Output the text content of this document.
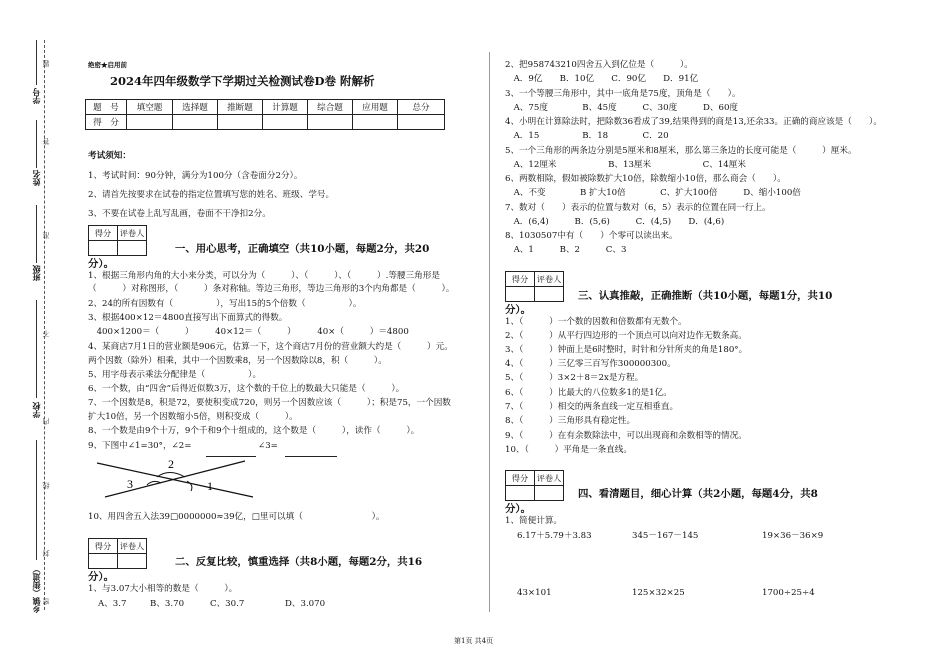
学号
姓名
班级
学校
乡镇（街道）
题
答
准
不
内
线
封
密
绝密★启用前
2024年四年级数学下学期过关检测试卷D卷 附解析
题　号	填空题	选择题	推断题	计算题	综合题	应用题	总分
得　分							
考试须知：
1、考试时间：90分钟，满分为100分（含卷面分2分）。
2、请首先按要求在试卷的指定位置填写您的姓名、班级、学号。
3、不要在试卷上乱写乱画，卷面不干净扣2分。
得分	评卷人

一、用心思考，正确填空（共10小题，每题2分，共20
分）。
1、根据三角形内角的大小来分类，可以分为（　　　）、（　　　）、（　　　）.等腰三角形是
（　　　）对称图形，（　　　）条对称轴。等边三角形，等边三角形的3个内角都是（　　　）。
2、24的所有因数有（　　　　　），写出15的5个倍数（　　　　　）。
3、根据400×12＝4800直接写出下面算式的得数。
　400×1200＝（　　　）　　　40×12＝（　　　）　　　40×（　　　）＝4800
4、某商店7月1日的营业额是906元，估算一下，这个商店7月份的营业额大约是（　　　）元。
两个因数（除外）相乘，其中一个因数乘8，另一个因数除以8，积（　　　）。
5、用字母表示乘法分配律是（　　　　　）。
6、一个数，由“四舍”后得近似数3万，这个数的千位上的数最大只能是（　　　）。
7、一个因数是8，积是72，要使积变成720，则另一个因数应该（　　　）；积是75，一个因数
扩大10倍，另一个因数缩小5倍，则积变成（　　　）。
8、一个数是由9个十万，9个千和9个十组成的，这个数是（　　　），读作（　　　）。
9、下图中∠1=30°，∠2=	∠3=
2
3	1
10、用四舍五入法39□0000000≈39亿，□里可以填（　　　　　　　　）。
得分	评卷人

二、反复比较，慎重选择（共8小题，每题2分，共16
分）。
1、与3.07大小相等的数是（　　　）。
A、3.7	B、3.70	C、30.7	D、3.070
2、把958743210四舍五入到亿位是（　　　）。
　A．9亿　　B．10亿　　C．90亿　　D．91亿
3、一个等腰三角形中，其中一底角是75度，顶角是（　　）。
　A、75度　　　　B、45度　　　C、30度　　　D、60度
4、小明在计算除法时，把除数36看成了39,结果得到的商是13,还余33。正确的商应该是（　　）。
　A．15　　　　　B．18　　　　C．20
5、一个三角形的两条边分别是5厘米和8厘米，那么第三条边的长度可能是（　　　）厘米。
　A、12厘米　　　　　　B、13厘米　　　　　　C、14厘米
6、两数相除，假如被除数扩大10倍，除数缩小10倍，那么商会（　　）。
　A、不变　　　　B 扩大10倍　　　　C、扩大100倍　　　D、缩小100倍
7、数对（　　）表示的位置与数对（6，5）表示的位置在同一行上。
　A．(6,4)　　　B．(5,6)　　　C．(4,5)　　D．(4,6)
8、1030507中有（　　）个零可以读出来。
　A、1　　　B、2　　　C、3
得分	评卷人

三、认真推敲，正确推断（共10小题，每题1分，共10
分）。
1、（　　　）一个数的因数和倍数都有无数个。
2、（　　　）从平行四边形的一个顶点可以向对边作无数条高。
3、（　　　）钟面上是6时整时，时针和分针所夹的角是180°。
4、（　　　）三亿零三百写作300000300。
5、（　　　）3×2＋8＝2x是方程。
6、（　　　）比最大的八位数多1的是1亿。
7、（　　　）相交的两条直线一定互相垂直。
8、（　　　）三角形具有稳定性。
9、（　　　）在有余数除法中，可以出现商和余数相等的情况。
10、（　　　）平角是一条直线。
得分	评卷人

四、看清题目，细心计算（共2小题，每题4分，共8
分）。
1、简便计算。
6.17＋5.79＋3.83	345－167－145	19×36－36×9
43×101	125×32×25	1700÷25÷4
第1页 共4页
